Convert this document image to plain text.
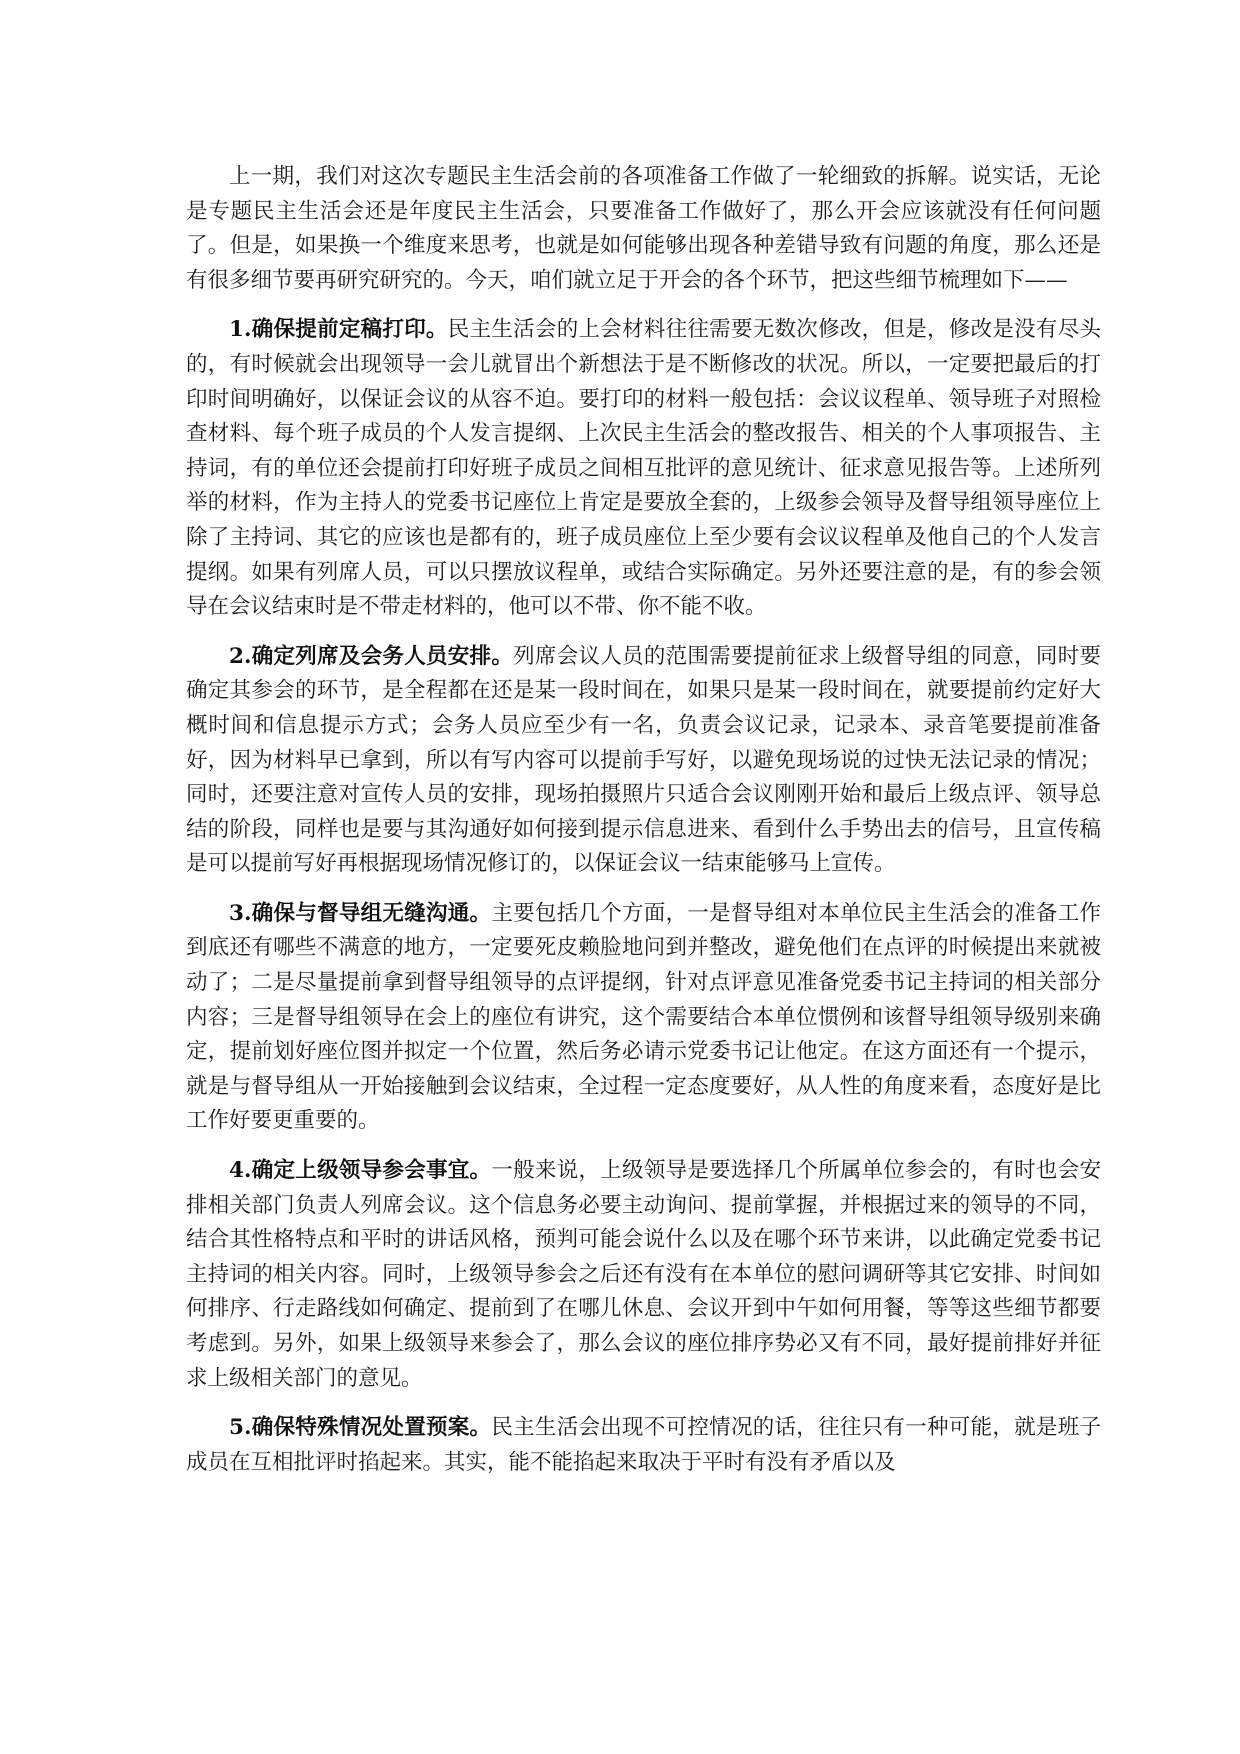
上一期，我们对这次专题民主生活会前的各项准备工作做了一轮细致的拆解。说实话，无论是专题民主生活会还是年度民主生活会，只要准备工作做好了，那么开会应该就没有任何问题了。但是，如果换一个维度来思考，也就是如何能够出现各种差错导致有问题的角度，那么还是有很多细节要再研究研究的。今天，咱们就立足于开会的各个环节，把这些细节梳理如下——

1.确保提前定稿打印。民主生活会的上会材料往往需要无数次修改，但是，修改是没有尽头的，有时候就会出现领导一会儿就冒出个新想法于是不断修改的状况。所以，一定要把最后的打印时间明确好，以保证会议的从容不迫。要打印的材料一般包括：会议议程单、领导班子对照检查材料、每个班子成员的个人发言提纲、上次民主生活会的整改报告、相关的个人事项报告、主持词，有的单位还会提前打印好班子成员之间相互批评的意见统计、征求意见报告等。上述所列举的材料，作为主持人的党委书记座位上肯定是要放全套的，上级参会领导及督导组领导座位上除了主持词、其它的应该也是都有的，班子成员座位上至少要有会议议程单及他自己的个人发言提纲。如果有列席人员，可以只摆放议程单，或结合实际确定。另外还要注意的是，有的参会领导在会议结束时是不带走材料的，他可以不带、你不能不收。

2.确定列席及会务人员安排。列席会议人员的范围需要提前征求上级督导组的同意，同时要确定其参会的环节，是全程都在还是某一段时间在，如果只是某一段时间在，就要提前约定好大概时间和信息提示方式；会务人员应至少有一名，负责会议记录，记录本、录音笔要提前准备好，因为材料早已拿到，所以有写内容可以提前手写好，以避免现场说的过快无法记录的情况；同时，还要注意对宣传人员的安排，现场拍摄照片只适合会议刚刚开始和最后上级点评、领导总结的阶段，同样也是要与其沟通好如何接到提示信息进来、看到什么手势出去的信号，且宣传稿是可以提前写好再根据现场情况修订的，以保证会议一结束能够马上宣传。

3.确保与督导组无缝沟通。主要包括几个方面，一是督导组对本单位民主生活会的准备工作到底还有哪些不满意的地方，一定要死皮赖脸地问到并整改，避免他们在点评的时候提出来就被动了；二是尽量提前拿到督导组领导的点评提纲，针对点评意见准备党委书记主持词的相关部分内容；三是督导组领导在会上的座位有讲究，这个需要结合本单位惯例和该督导组领导级别来确定，提前划好座位图并拟定一个位置，然后务必请示党委书记让他定。在这方面还有一个提示，就是与督导组从一开始接触到会议结束，全过程一定态度要好，从人性的角度来看，态度好是比工作好要更重要的。

4.确定上级领导参会事宜。一般来说，上级领导是要选择几个所属单位参会的，有时也会安排相关部门负责人列席会议。这个信息务必要主动询问、提前掌握，并根据过来的领导的不同，结合其性格特点和平时的讲话风格，预判可能会说什么以及在哪个环节来讲，以此确定党委书记主持词的相关内容。同时，上级领导参会之后还有没有在本单位的慰问调研等其它安排、时间如何排序、行走路线如何确定、提前到了在哪儿休息、会议开到中午如何用餐，等等这些细节都要考虑到。另外，如果上级领导来参会了，那么会议的座位排序势必又有不同，最好提前排好并征求上级相关部门的意见。

5.确保特殊情况处置预案。民主生活会出现不可控情况的话，往往只有一种可能，就是班子成员在互相批评时掐起来。其实，能不能掐起来取决于平时有没有矛盾以及
